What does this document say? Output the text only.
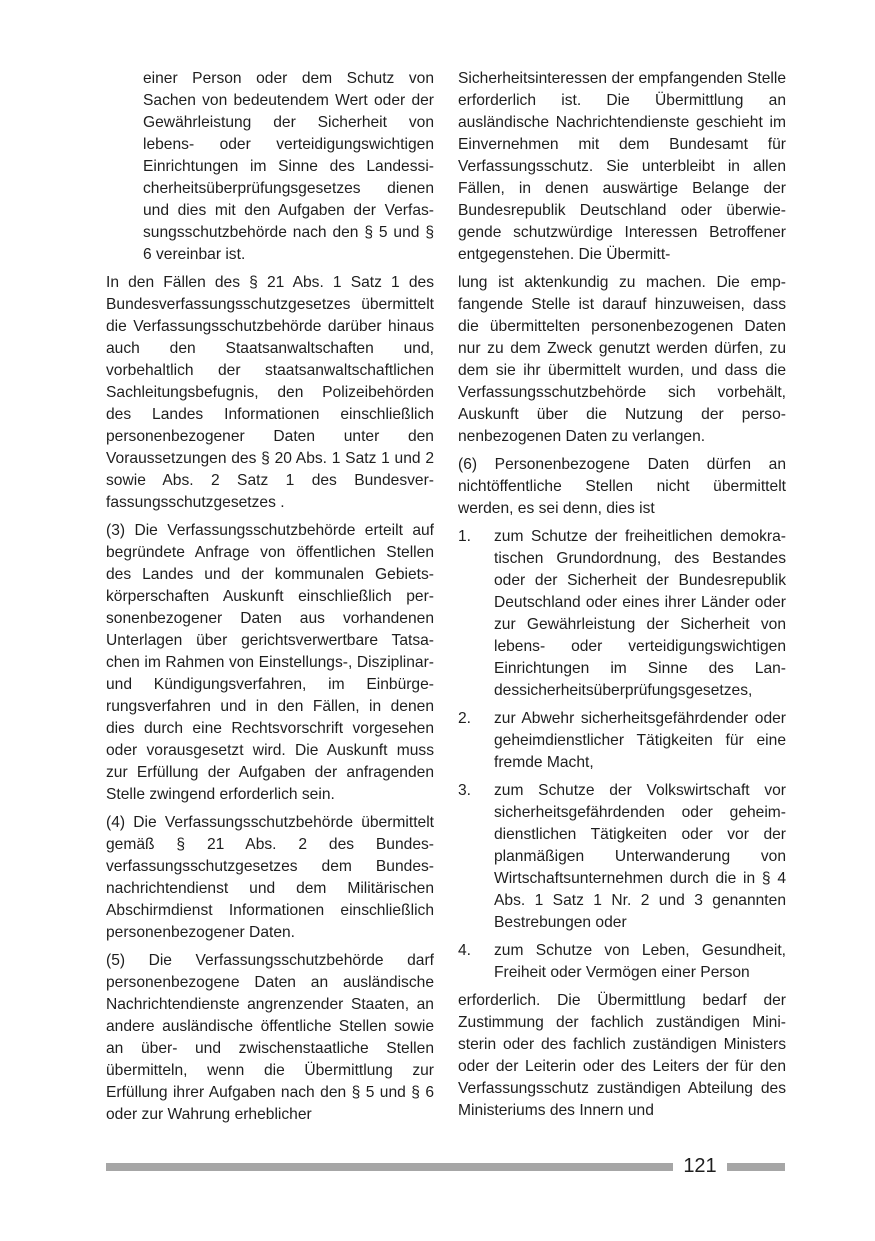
einer Person oder dem Schutz von Sachen von bedeutendem Wert oder der Gewährleistung der Sicherheit von lebens- oder verteidigungswichtigen Einrichtungen im Sinne des Landessicherheitsüberprüfungsgesetzes dienen und dies mit den Aufgaben der Verfassungsschutzbehörde nach den § 5 und § 6 vereinbar ist.

In den Fällen des § 21 Abs. 1 Satz 1 des Bundesverfassungsschutzgesetzes übermittelt die Verfassungsschutzbehörde darüber hinaus auch den Staatsanwaltschaften und, vorbehaltlich der staatsanwaltschaftlichen Sachleitungsbefugnis, den Polizeibehörden des Landes Informationen einschließlich personenbezogener Daten unter den Voraussetzungen des § 20 Abs. 1 Satz 1 und 2 sowie Abs. 2 Satz 1 des Bundesverfassungsschutzgesetzes .

(3) Die Verfassungsschutzbehörde erteilt auf begründete Anfrage von öffentlichen Stellen des Landes und der kommunalen Gebietskörperschaften Auskunft einschließlich personenbezogener Daten aus vorhandenen Unterlagen über gerichtsverwertbare Tatsachen im Rahmen von Einstellungs-, Disziplinar- und Kündigungsverfahren, im Einbürgerungsverfahren und in den Fällen, in denen dies durch eine Rechtsvorschrift vorgesehen oder vorausgesetzt wird. Die Auskunft muss zur Erfüllung der Aufgaben der anfragenden Stelle zwingend erforderlich sein.

(4) Die Verfassungsschutzbehörde übermittelt gemäß § 21 Abs. 2 des Bundesverfassungsschutzgesetzes dem Bundesnachrichtendienst und dem Militärischen Abschirmdienst Informationen einschließlich personenbezogener Daten.

(5) Die Verfassungsschutzbehörde darf personenbezogene Daten an ausländische Nachrichtendienste angrenzender Staaten, an andere ausländische öffentliche Stellen sowie an über- und zwischenstaatliche Stellen übermitteln, wenn die Übermittlung zur Erfüllung ihrer Aufgaben nach den § 5 und § 6 oder zur Wahrung erheblicher

Sicherheitsinteressen der empfangenden Stelle erforderlich ist. Die Übermittlung an ausländische Nachrichtendienste geschieht im Einvernehmen mit dem Bundesamt für Verfassungsschutz. Sie unterbleibt in allen Fällen, in denen auswärtige Belange der Bundesrepublik Deutschland oder überwiegende schutzwürdige Interessen Betroffener entgegenstehen. Die Übermitt-

lung ist aktenkundig zu machen. Die empfangende Stelle ist darauf hinzuweisen, dass die übermittelten personenbezogenen Daten nur zu dem Zweck genutzt werden dürfen, zu dem sie ihr übermittelt wurden, und dass die Verfassungsschutzbehörde sich vorbehält, Auskunft über die Nutzung der personenbezogenen Daten zu verlangen.

(6) Personenbezogene Daten dürfen an nichtöffentliche Stellen nicht übermittelt werden, es sei denn, dies ist

1. zum Schutze der freiheitlichen demokratischen Grundordnung, des Bestandes oder der Sicherheit der Bundesrepublik Deutschland oder eines ihrer Länder oder zur Gewährleistung der Sicherheit von lebens- oder verteidigungswichtigen Einrichtungen im Sinne des Landessicherheitsüberprüfungsgesetzes,
2. zur Abwehr sicherheitsgefährdender oder geheimdienstlicher Tätigkeiten für eine fremde Macht,
3. zum Schutze der Volkswirtschaft vor sicherheitsgefährdenden oder geheimdienstlichen Tätigkeiten oder vor der planmäßigen Unterwanderung von Wirtschaftsunternehmen durch die in § 4 Abs. 1 Satz 1 Nr. 2 und 3 genannten Bestrebungen oder
4. zum Schutze von Leben, Gesundheit, Freiheit oder Vermögen einer Person

erforderlich. Die Übermittlung bedarf der Zustimmung der fachlich zuständigen Ministerin oder des fachlich zuständigen Ministers oder der Leiterin oder des Leiters der für den Verfassungsschutz zuständigen Abteilung des Ministeriums des Innern und

121
